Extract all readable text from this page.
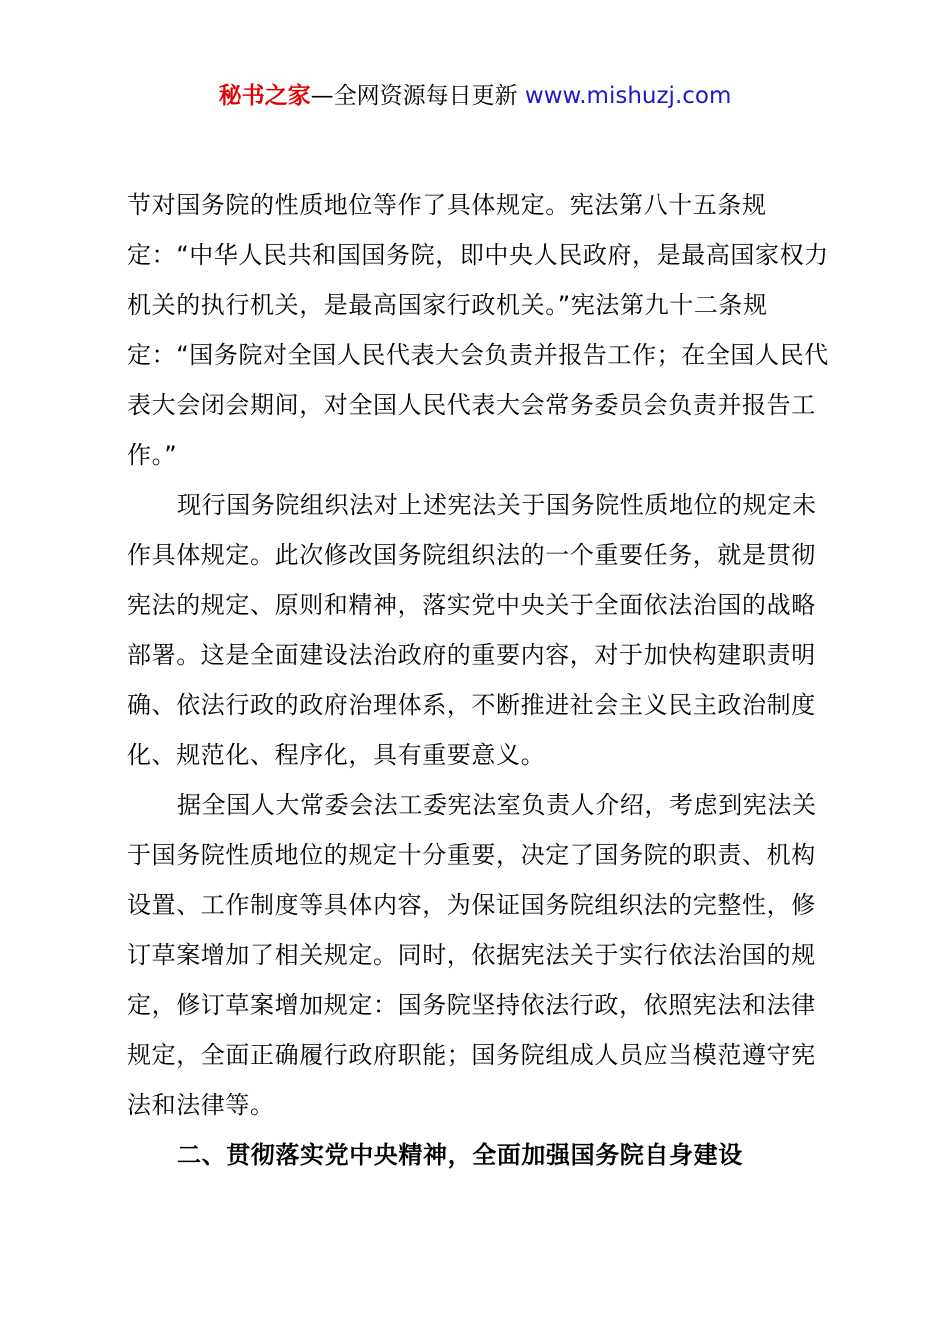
秘书之家—全网资源每日更新 www.mishuzj.com

节对国务院的性质地位等作了具体规定。宪法第八十五条规定：“中华人民共和国国务院，即中央人民政府，是最高国家权力机关的执行机关，是最高国家行政机关。”宪法第九十二条规定：“国务院对全国人民代表大会负责并报告工作；在全国人民代表大会闭会期间，对全国人民代表大会常务委员会负责并报告工作。”

现行国务院组织法对上述宪法关于国务院性质地位的规定未作具体规定。此次修改国务院组织法的一个重要任务，就是贯彻宪法的规定、原则和精神，落实党中央关于全面依法治国的战略部署。这是全面建设法治政府的重要内容，对于加快构建职责明确、依法行政的政府治理体系，不断推进社会主义民主政治制度化、规范化、程序化，具有重要意义。

据全国人大常委会法工委宪法室负责人介绍，考虑到宪法关于国务院性质地位的规定十分重要，决定了国务院的职责、机构设置、工作制度等具体内容，为保证国务院组织法的完整性，修订草案增加了相关规定。同时，依据宪法关于实行依法治国的规定，修订草案增加规定：国务院坚持依法行政，依照宪法和法律规定，全面正确履行政府职能；国务院组成人员应当模范遵守宪法和法律等。

二、贯彻落实党中央精神，全面加强国务院自身建设
